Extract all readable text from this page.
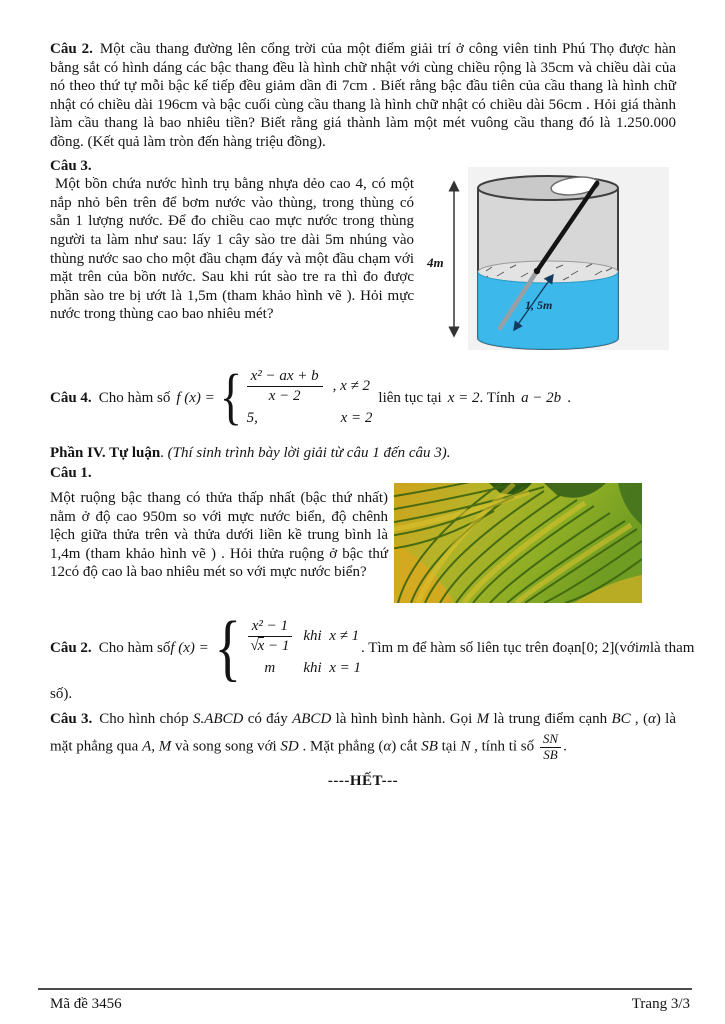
Câu 2. Một cầu thang đường lên cổng trời của một điểm giải trí ở công viên tinh Phú Thọ được hàn bằng sắt có hình dáng các bậc thang đều là hình chữ nhật với cùng chiều rộng là 35cm và chiều dài của nó theo thứ tự mỗi bậc kế tiếp đều giảm dần đi 7cm . Biết rằng bậc đầu tiên của cầu thang là hình chữ nhật có chiều dài 196cm và bậc cuối cùng cầu thang là hình chữ nhật có chiều dài 56cm . Hỏi giá thành làm cầu thang là bao nhiêu tiền? Biết rằng giá thành làm một mét vuông cầu thang đó là 1.250.000 đồng. (Kết quả làm tròn đến hàng triệu đồng).

Câu 3.

Một bồn chứa nước hình trụ bằng nhựa dẻo cao 4, có một nắp nhỏ bên trên để bơm nước vào thùng, trong thùng có sẵn 1 lượng nước. Để đo chiều cao mực nước trong thùng người ta làm như sau: lấy 1 cây sào tre dài 5m nhúng vào thùng nước sao cho một đầu chạm đáy và một đầu chạm với mặt trên của bồn nước. Sau khi rút sào tre ra thì đo được phần sào tre bị ướt là 1,5m (tham khảo hình vẽ ). Hỏi mực nước trong thùng cao bao nhiêu mét?

1, 5m
4m
Câu 4. Cho hàm số f (x) = { $\frac{\text{x² − ax + b}}{x - 2}$ , x ≠ 2
5,	x = 2
liên tục tại x = 2 . Tính a − 2b .

Phần IV. Tự luận. (Thí sinh trình bày lời giải từ câu 1 đến câu 3).

Câu 1.

Một ruộng bậc thang có thửa thấp nhất (bậc thứ nhất) nằm ở độ cao 950m so với mực nước biển, độ chênh lệch giữa thửa trên và thửa dưới liền kề trung bình là 1,4m (tham khảo hình vẽ ) . Hỏi thửa ruộng ở bậc thứ 12có độ cao là bao nhiêu mét so với mực nước biển?

Câu 2. Cho hàm số f (x) = { $\frac{\text{x² − 1}}{√x - 1}$ khi x ≠ 1
m khi x = 1
. Tìm m để hàm số liên tục trên đoạn [0; 2] (với m là tham

số).

Câu 3. Cho hình chóp S.ABCD có đáy ABCD là hình bình hành. Gọi M là trung điểm cạnh BC , (α) là mặt phẳng qua A, M và song song với SD . Mặt phẳng (α) cắt SB tại N , tính tỉ số $\frac{SN}{SB}$ .

----HẾT---

Mã đề 3456	Trang 3/3
